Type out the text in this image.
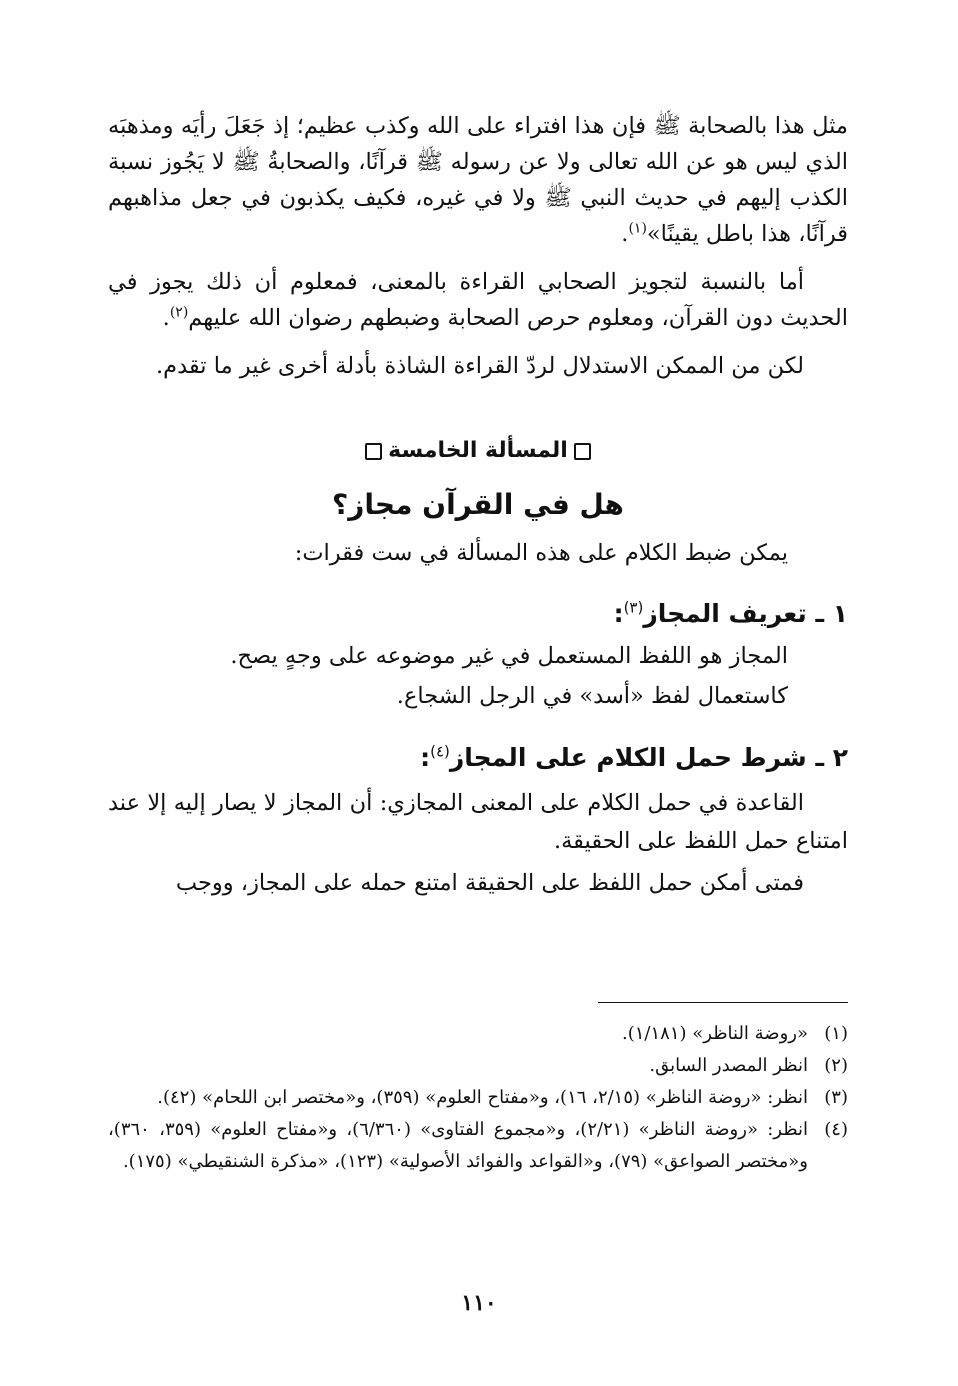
مثل هذا بالصحابة ﷺ فإن هذا افتراء على الله وكذب عظيم؛ إذ جَعَلَ رأيَه ومذهبَه الذي ليس هو عن الله تعالى ولا عن رسوله ﷺ قرآنًا، والصحابةُ ﷺ لا يَجُوز نسبة الكذب إليهم في حديث النبي ﷺ ولا في غيره، فكيف يكذبون في جعل مذاهبهم قرآنًا، هذا باطل يقينًا»$^{(١)}$.

أما بالنسبة لتجويز الصحابي القراءة بالمعنى، فمعلوم أن ذلك يجوز في الحديث دون القرآن، ومعلوم حرص الصحابة وضبطهم رضوان الله عليهم$^{(٢)}$.

لكن من الممكن الاستدلال لردّ القراءة الشاذة بأدلة أخرى غير ما تقدم.

المسألة الخامسة
هل في القرآن مجاز؟

يمكن ضبط الكلام على هذه المسألة في ست فقرات:

١ ـ تعريف المجاز$^{(٣)}$:

المجاز هو اللفظ المستعمل في غير موضوعه على وجهٍ يصح.

كاستعمال لفظ «أسد» في الرجل الشجاع.

٢ ـ شرط حمل الكلام على المجاز$^{(٤)}$:

القاعدة في حمل الكلام على المعنى المجازي: أن المجاز لا يصار إليه إلا عند امتناع حمل اللفظ على الحقيقة.

فمتى أمكن حمل اللفظ على الحقيقة امتنع حمله على المجاز، ووجب

(١)
«روضة الناظر» (١/١٨١).
(٢)
انظر المصدر السابق.
(٣)
انظر: «روضة الناظر» (٢/١٥، ١٦)، و«مفتاح العلوم» (٣٥٩)، و«مختصر ابن اللحام» (٤٢).
(٤)
انظر: «روضة الناظر» (٢/٢١)، و«مجموع الفتاوى» (٦/٣٦٠)، و«مفتاح العلوم» (٣٥٩، ٣٦٠)، و«مختصر الصواعق» (٧٩)، و«القواعد والفوائد الأصولية» (١٢٣)، «مذكرة الشنقيطي» (١٧٥).
١١٠
